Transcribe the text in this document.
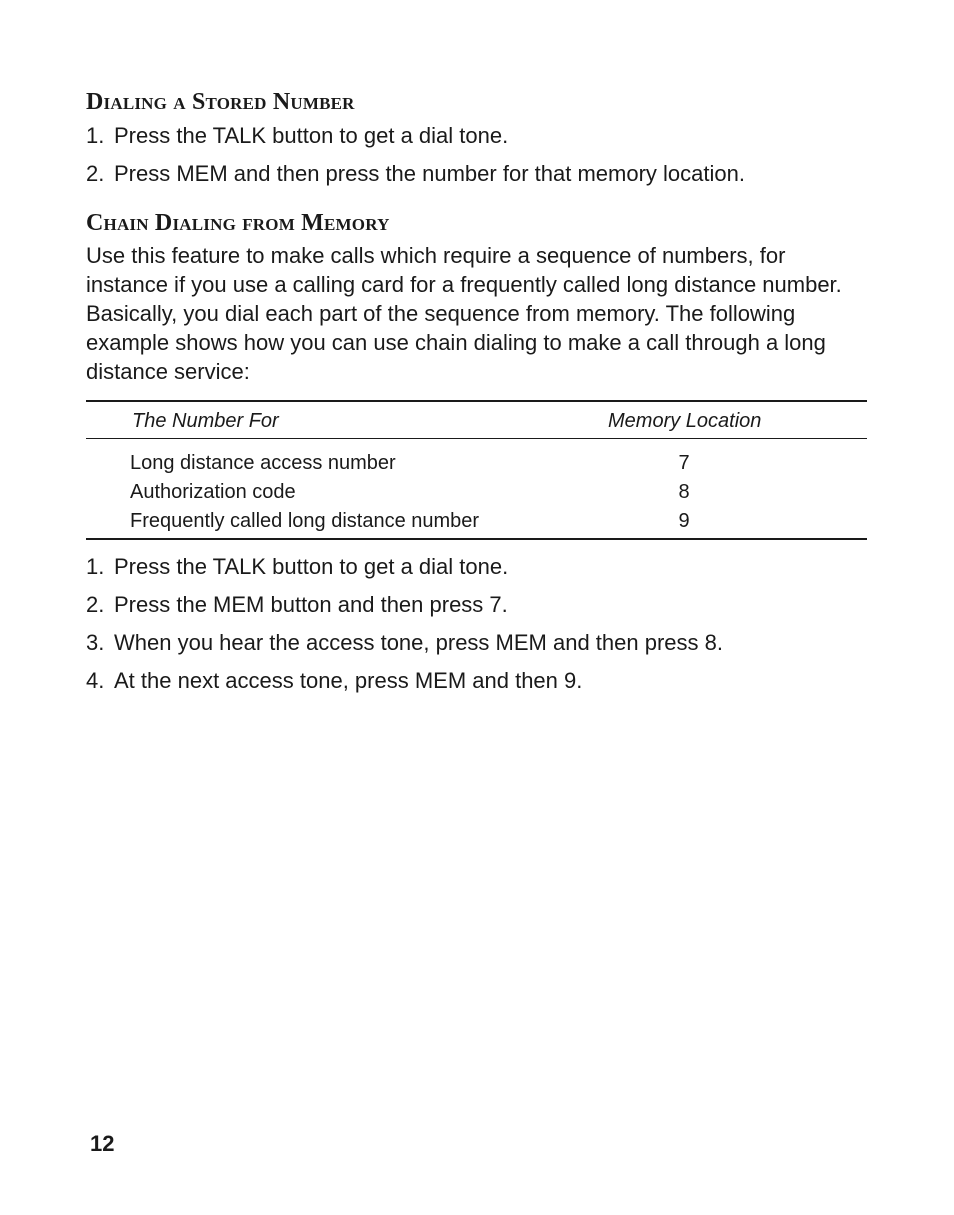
Dialing a Stored Number
1. Press the TALK button to get a dial tone.
2. Press MEM and then press the number for that memory location.
Chain Dialing from Memory

Use this feature to make calls which require a sequence of numbers, for instance if you use a calling card for a frequently called long distance number. Basically, you dial each part of the sequence from memory. The following example shows how you can use chain dialing to make a call through a long distance service:

The Number For	Memory Location
Long distance access number	7
Authorization code	8
Frequently called long distance number	9
1. Press the TALK button to get a dial tone.
2. Press the MEM button and then press 7.
3. When you hear the access tone, press MEM and then press 8.
4. At the next access tone, press MEM and then 9.
12
